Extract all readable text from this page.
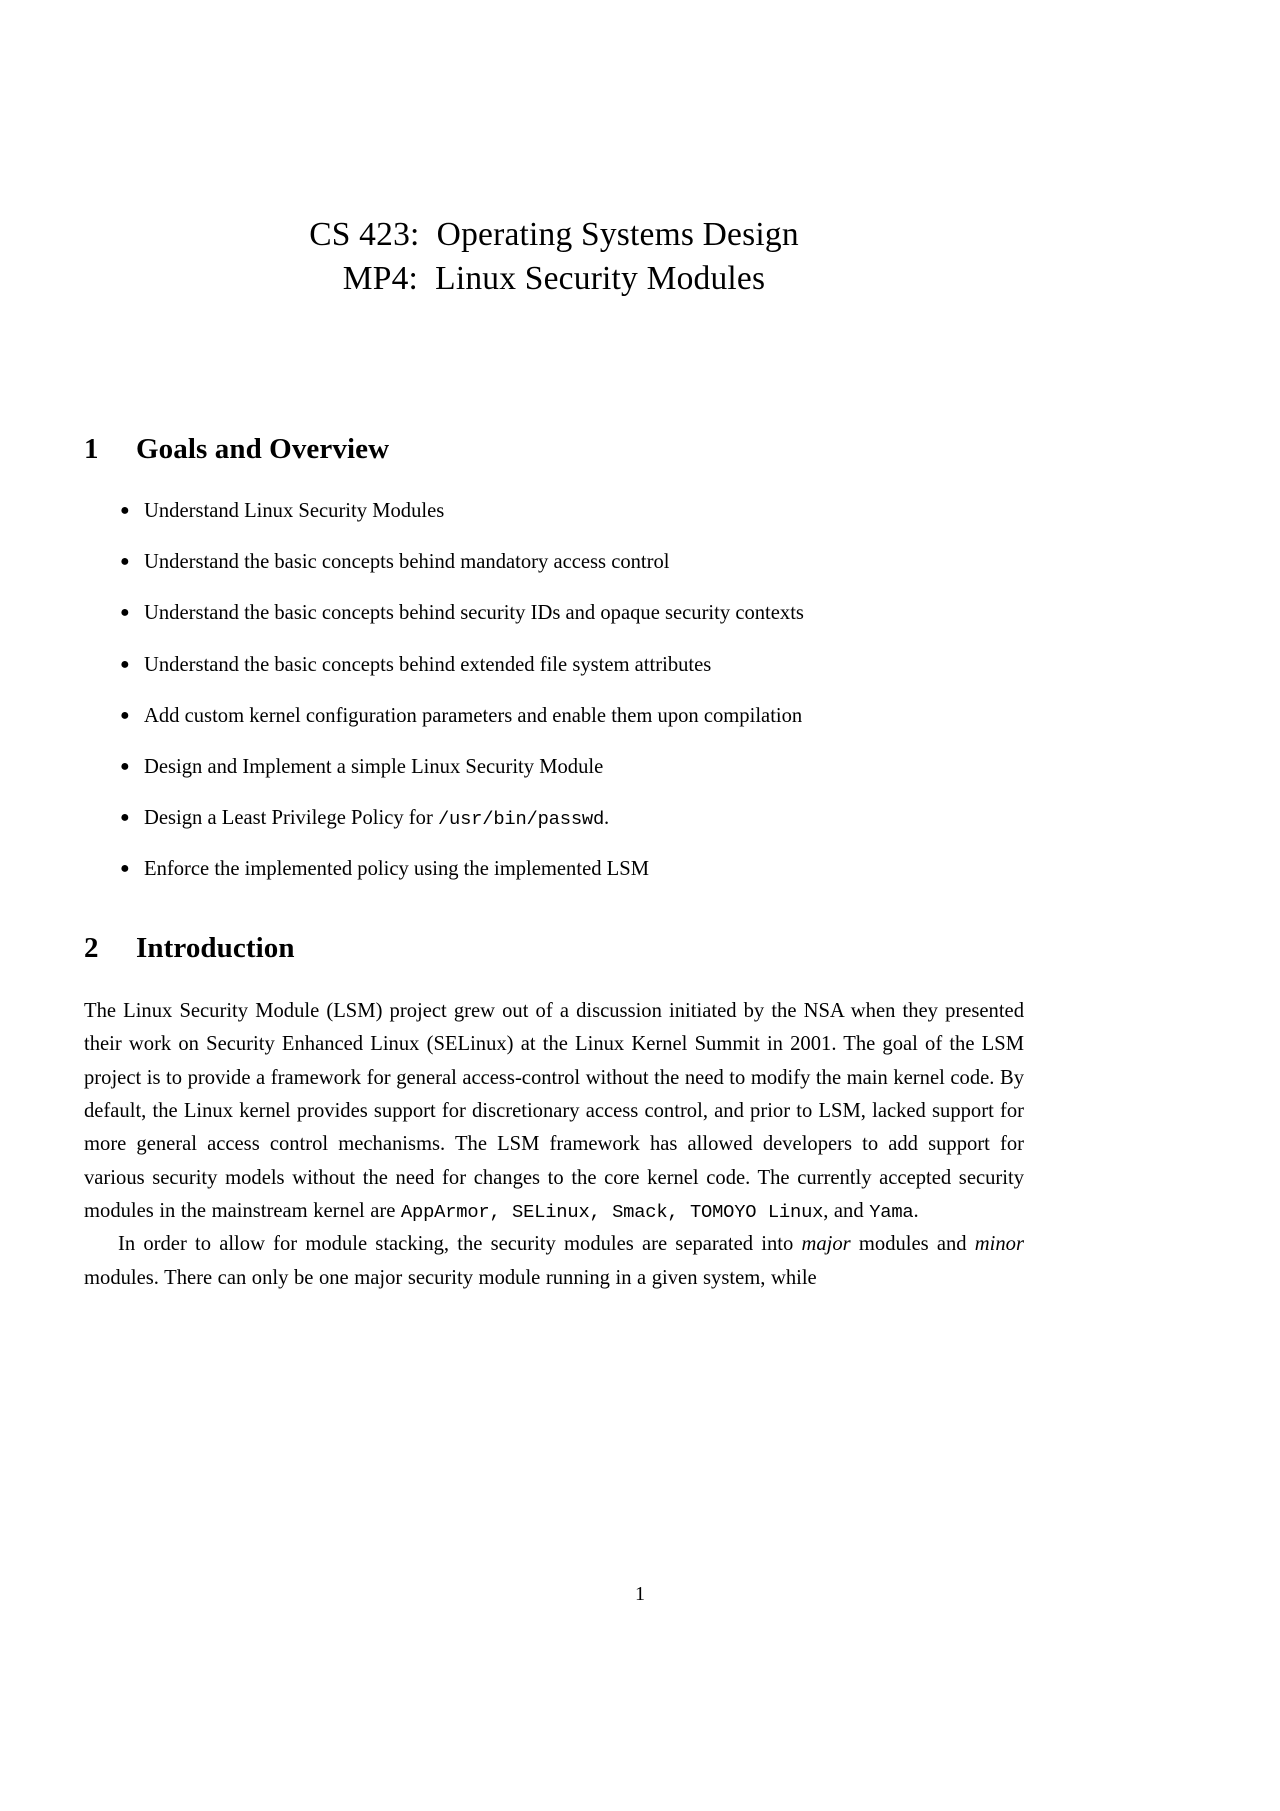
CS 423:  Operating Systems Design
MP4:  Linux Security Modules
1 Goals and Overview
● Understand Linux Security Modules
● Understand the basic concepts behind mandatory access control
● Understand the basic concepts behind security IDs and opaque security contexts
● Understand the basic concepts behind extended file system attributes
● Add custom kernel configuration parameters and enable them upon compilation
● Design and Implement a simple Linux Security Module
● Design a Least Privilege Policy for /usr/bin/passwd.
● Enforce the implemented policy using the implemented LSM
2 Introduction

The Linux Security Module (LSM) project grew out of a discussion initiated by the NSA when they presented their work on Security Enhanced Linux (SELinux) at the Linux Kernel Summit in 2001. The goal of the LSM project is to provide a framework for general access-control without the need to modify the main kernel code. By default, the Linux kernel provides support for discretionary access control, and prior to LSM, lacked support for more general access control mechanisms. The LSM framework has allowed developers to add support for various security models without the need for changes to the core kernel code. The currently accepted security modules in the mainstream kernel are AppArmor, SELinux, Smack, TOMOYO Linux, and Yama.

In order to allow for module stacking, the security modules are separated into major modules and minor modules. There can only be one major security module running in a given system, while

1
